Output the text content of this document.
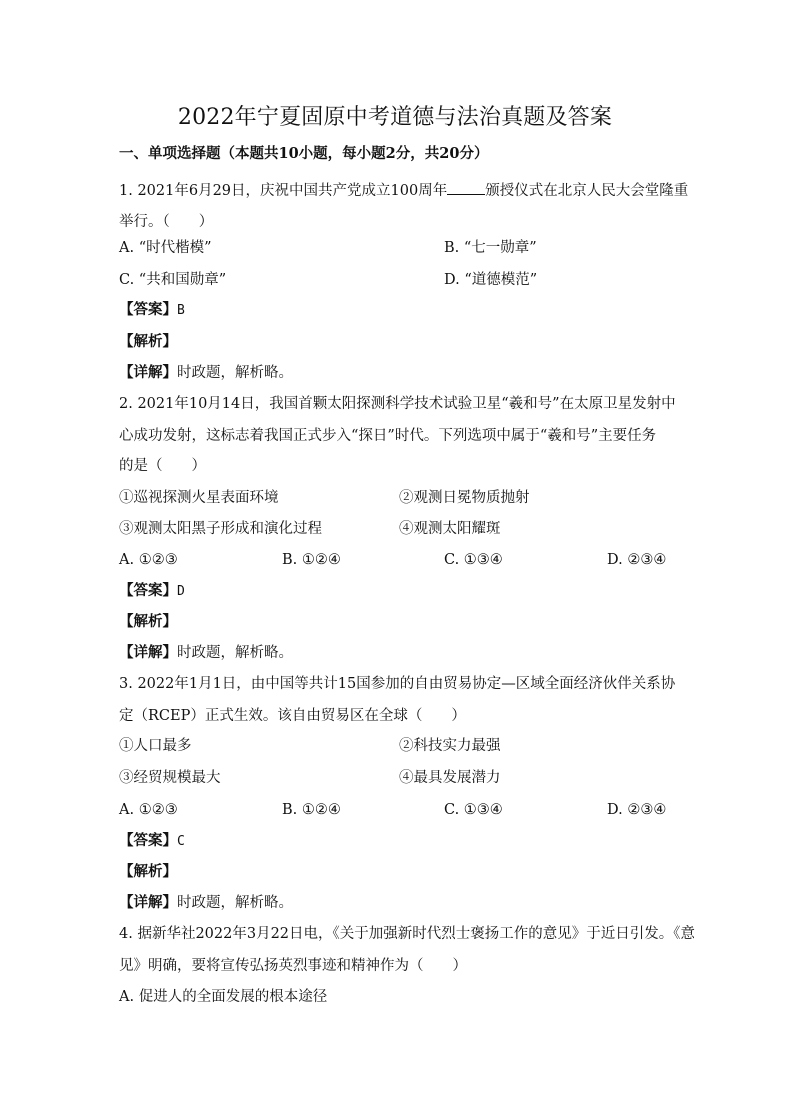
2022年宁夏固原中考道德与法治真题及答案
一、单项选择题（本题共10小题，每小题2分，共20分）
1. 2021年6月29日，庆祝中国共产党成立100周年	颁授仪式在北京人民大会堂隆重
举行。（　　）
A. “时代楷模”	B. “七一勋章”
C. “共和国勋章”	D. “道德模范”
【答案】B
【解析】
【详解】时政题，解析略。
2. 2021年10月14日，我国首颗太阳探测科学技术试验卫星“羲和号”在太原卫星发射中
心成功发射，这标志着我国正式步入“探日”时代。下列选项中属于“羲和号”主要任务
的是（　　）
①巡视探测火星表面环境	②观测日冕物质抛射
③观测太阳黑子形成和演化过程	④观测太阳耀斑
A. ①②③	B. ①②④	C. ①③④	D. ②③④
【答案】D
【解析】
【详解】时政题，解析略。
3. 2022年1月1日，由中国等共计15国参加的自由贸易协定—区域全面经济伙伴关系协
定（RCEP）正式生效。该自由贸易区在全球（　　）
①人口最多	②科技实力最强
③经贸规模最大	④最具发展潜力
A. ①②③	B. ①②④	C. ①③④	D. ②③④
【答案】C
【解析】
【详解】时政题，解析略。
4. 据新华社2022年3月22日电，《关于加强新时代烈士褒扬工作的意见》于近日引发。《意
见》明确，要将宣传弘扬英烈事迹和精神作为（　　）
A. 促进人的全面发展的根本途径
